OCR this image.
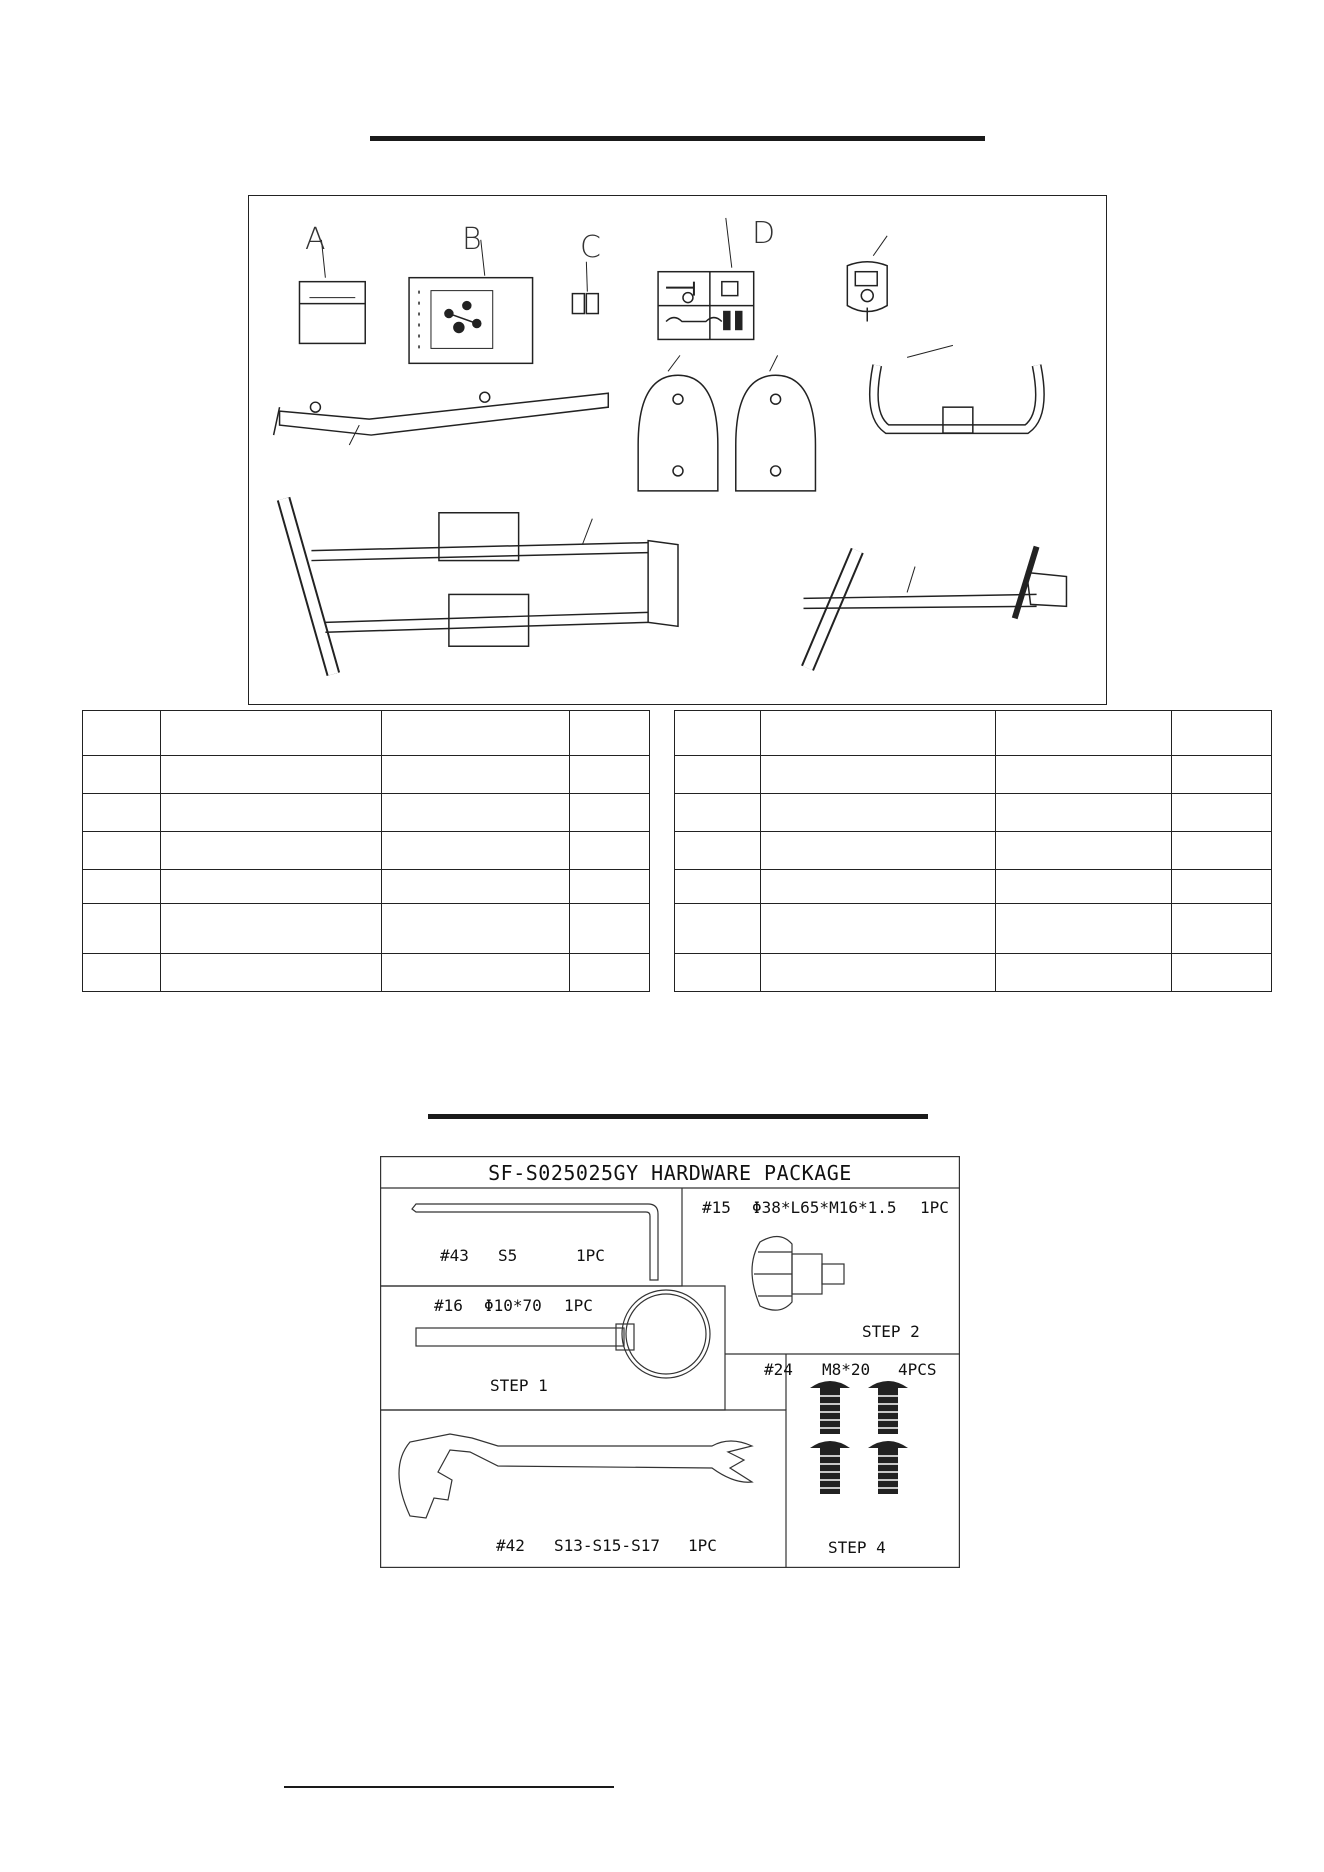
A	B	C	D

SF-S025025GY HARDWARE PACKAGE
#43 S5	1PC
#15 Φ38*L65*M16*1.5 1PC
STEP 2
#16 Φ10*70 1PC
STEP 1
#24 M8*20 4PCS
STEP 4
#42 S13-S15-S17 1PC
